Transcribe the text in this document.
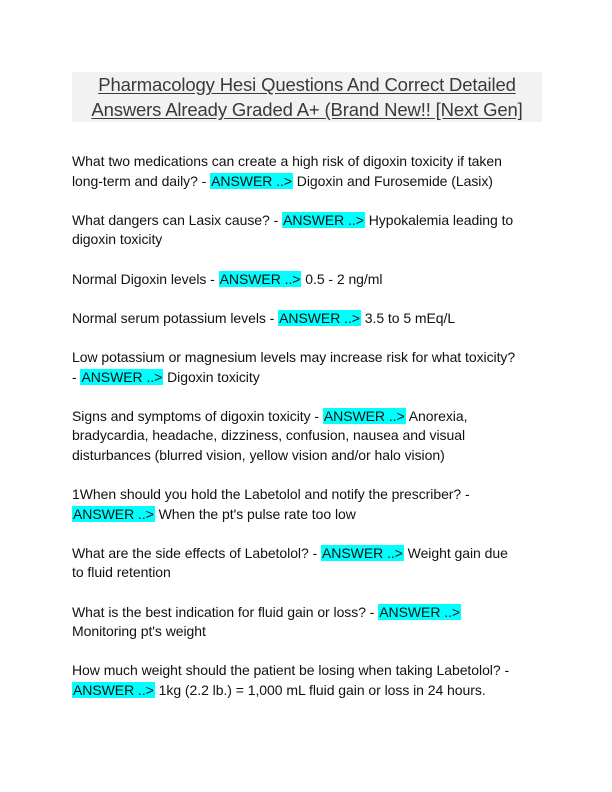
Pharmacology Hesi Questions And Correct Detailed
Answers Already Graded A+ (Brand New!! [Next Gen]
What two medications can create a high risk of digoxin toxicity if taken
long-term and daily? - ANSWER ..> Digoxin and Furosemide (Lasix)
What dangers can Lasix cause? - ANSWER ..> Hypokalemia leading to
digoxin toxicity
Normal Digoxin levels - ANSWER ..> 0.5 - 2 ng/ml
Normal serum potassium levels - ANSWER ..> 3.5 to 5 mEq/L
Low potassium or magnesium levels may increase risk for what toxicity?
- ANSWER ..> Digoxin toxicity
Signs and symptoms of digoxin toxicity - ANSWER ..> Anorexia,
bradycardia, headache, dizziness, confusion, nausea and visual
disturbances (blurred vision, yellow vision and/or halo vision)
1When should you hold the Labetolol and notify the prescriber? -
ANSWER ..> When the pt's pulse rate too low
What are the side effects of Labetolol? - ANSWER ..> Weight gain due
to fluid retention
What is the best indication for fluid gain or loss? - ANSWER ..>
Monitoring pt's weight
How much weight should the patient be losing when taking Labetolol? -
ANSWER ..> 1kg (2.2 lb.) = 1,000 mL fluid gain or loss in 24 hours.
